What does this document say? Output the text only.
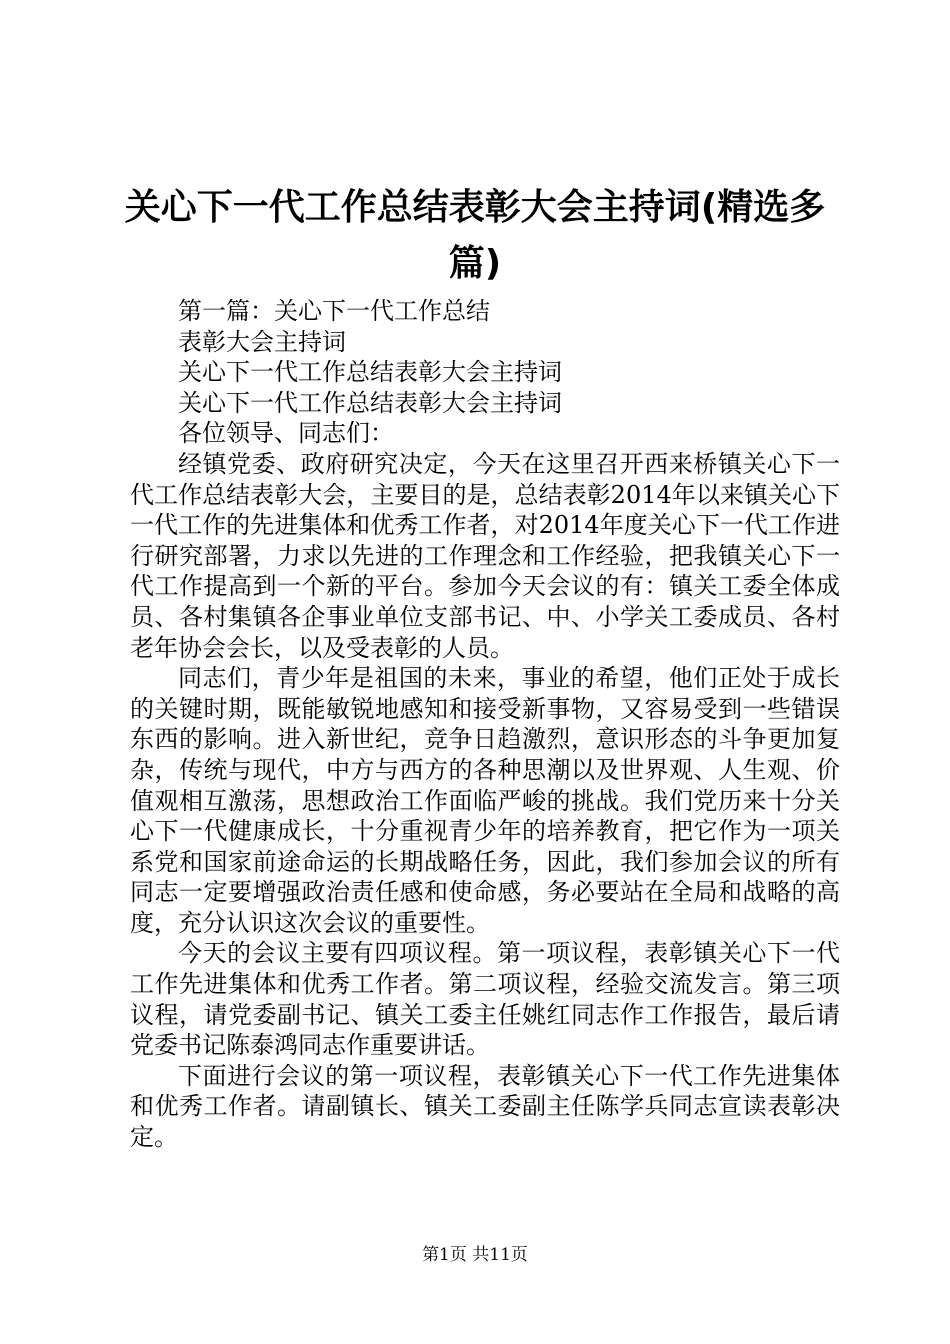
关心下一代工作总结表彰大会主持词(精选多篇)

第一篇：关心下一代工作总结

表彰大会主持词

关心下一代工作总结表彰大会主持词

关心下一代工作总结表彰大会主持词

各位领导、同志们：

经镇党委、政府研究决定，今天在这里召开西来桥镇关心下一代工作总结表彰大会，主要目的是，总结表彰2014年以来镇关心下一代工作的先进集体和优秀工作者，对2014年度关心下一代工作进行研究部署，力求以先进的工作理念和工作经验，把我镇关心下一代工作提高到一个新的平台。参加今天会议的有：镇关工委全体成员、各村集镇各企事业单位支部书记、中、小学关工委成员、各村老年协会会长，以及受表彰的人员。

同志们，青少年是祖国的未来，事业的希望，他们正处于成长的关键时期，既能敏锐地感知和接受新事物，又容易受到一些错误东西的影响。进入新世纪，竞争日趋激烈，意识形态的斗争更加复杂，传统与现代，中方与西方的各种思潮以及世界观、人生观、价值观相互激荡，思想政治工作面临严峻的挑战。我们党历来十分关心下一代健康成长，十分重视青少年的培养教育，把它作为一项关系党和国家前途命运的长期战略任务，因此，我们参加会议的所有同志一定要增强政治责任感和使命感，务必要站在全局和战略的高度，充分认识这次会议的重要性。

今天的会议主要有四项议程。第一项议程，表彰镇关心下一代工作先进集体和优秀工作者。第二项议程，经验交流发言。第三项议程，请党委副书记、镇关工委主任姚红同志作工作报告，最后请党委书记陈泰鸿同志作重要讲话。

下面进行会议的第一项议程，表彰镇关心下一代工作先进集体和优秀工作者。请副镇长、镇关工委副主任陈学兵同志宣读表彰决定。

第1页 共11页
